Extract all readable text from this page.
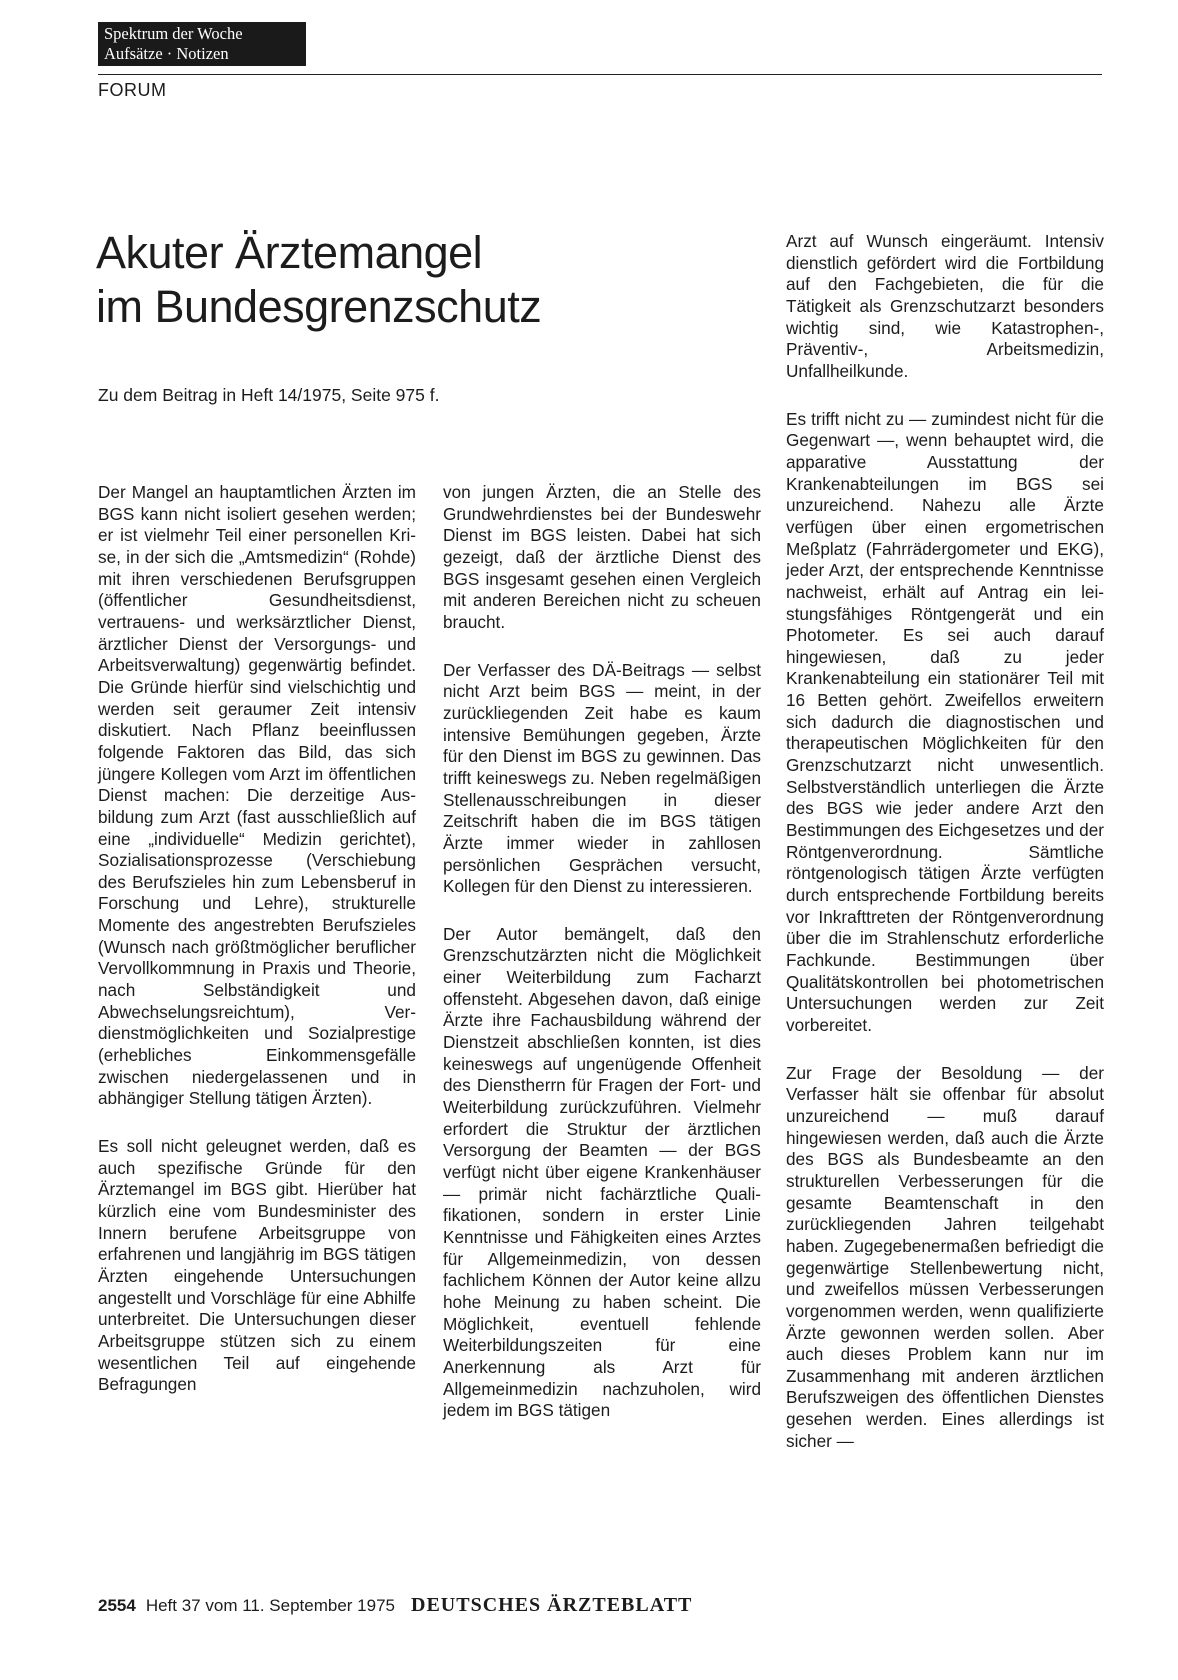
Spektrum der Woche
Aufsätze · Notizen
FORUM
Akuter Ärztemangel
im Bundesgrenzschutz
Zu dem Beitrag in Heft 14/1975, Seite 975 f.

Der Mangel an hauptamtlichen Ärzten im BGS kann nicht isoliert gesehen werden; er ist vielmehr Teil einer personellen Krise, in der sich die „Amtsmedizin“ (Rohde) mit ihren verschiedenen Berufsgruppen (öffentlicher Gesundheitsdienst, vertrauens- und werksärztlicher Dienst, ärztlicher Dienst der Versorgungs- und Arbeitsverwaltung) gegenwärtig befindet. Die Gründe hierfür sind vielschichtig und werden seit geraumer Zeit intensiv diskutiert. Nach Pflanz beeinflussen folgende Faktoren das Bild, das sich jüngere Kollegen vom Arzt im öffentlichen Dienst machen: Die derzeitige Ausbildung zum Arzt (fast ausschließlich auf eine „individuelle“ Medizin gerichtet), Sozialisationsprozesse (Verschiebung des Berufszieles hin zum Lebensberuf in Forschung und Lehre), strukturelle Momente des angestrebten Berufszieles (Wunsch nach größtmöglicher beruflicher Vervollkommnung in Praxis und Theorie, nach Selbständigkeit und Abwechselungsreichtum), Verdienstmöglichkeiten und Sozialprestige (erhebliches Einkommensgefälle zwischen niedergelassenen und in abhängiger Stellung tätigen Ärzten).

Es soll nicht geleugnet werden, daß es auch spezifische Gründe für den Ärztemangel im BGS gibt. Hierüber hat kürzlich eine vom Bundesminister des Innern berufene Arbeitsgruppe von erfahrenen und langjährig im BGS tätigen Ärzten eingehende Untersuchungen angestellt und Vorschläge für eine Abhilfe unterbreitet. Die Untersuchungen dieser Arbeitsgruppe stützen sich zu einem wesentlichen Teil auf eingehende Befragungen

von jungen Ärzten, die an Stelle des Grundwehrdienstes bei der Bundeswehr Dienst im BGS leisten. Dabei hat sich gezeigt, daß der ärztliche Dienst des BGS insgesamt gesehen einen Vergleich mit anderen Bereichen nicht zu scheuen braucht.

Der Verfasser des DÄ-Beitrags — selbst nicht Arzt beim BGS — meint, in der zurückliegenden Zeit habe es kaum intensive Bemühungen gegeben, Ärzte für den Dienst im BGS zu gewinnen. Das trifft keineswegs zu. Neben regelmäßigen Stellenausschreibungen in dieser Zeitschrift haben die im BGS tätigen Ärzte immer wieder in zahllosen persönlichen Gesprächen versucht, Kollegen für den Dienst zu interessieren.

Der Autor bemängelt, daß den Grenzschutzärzten nicht die Möglichkeit einer Weiterbildung zum Facharzt offensteht. Abgesehen davon, daß einige Ärzte ihre Fachausbildung während der Dienstzeit abschließen konnten, ist dies keineswegs auf ungenügende Offenheit des Dienstherrn für Fragen der Fort- und Weiterbildung zurückzuführen. Vielmehr erfordert die Struktur der ärztlichen Versorgung der Beamten — der BGS verfügt nicht über eigene Krankenhäuser — primär nicht fachärztliche Qualifikationen, sondern in erster Linie Kenntnisse und Fähigkeiten eines Arztes für Allgemeinmedizin, von dessen fachlichem Können der Autor keine allzu hohe Meinung zu haben scheint. Die Möglichkeit, eventuell fehlende Weiterbildungszeiten für eine Anerkennung als Arzt für Allgemeinmedizin nachzuholen, wird jedem im BGS tätigen

Arzt auf Wunsch eingeräumt. Intensiv dienstlich gefördert wird die Fortbildung auf den Fachgebieten, die für die Tätigkeit als Grenzschutzarzt besonders wichtig sind, wie Katastrophen-, Präventiv-, Arbeitsmedizin, Unfallheilkunde.

Es trifft nicht zu — zumindest nicht für die Gegenwart —, wenn behauptet wird, die apparative Ausstattung der Krankenabteilungen im BGS sei unzureichend. Nahezu alle Ärzte verfügen über einen ergometrischen Meßplatz (Fahrrädergometer und EKG), jeder Arzt, der entsprechende Kenntnisse nachweist, erhält auf Antrag ein leistungsfähiges Röntgengerät und ein Photometer. Es sei auch darauf hingewiesen, daß zu jeder Krankenabteilung ein stationärer Teil mit 16 Betten gehört. Zweifellos erweitern sich dadurch die diagnostischen und therapeutischen Möglichkeiten für den Grenzschutzarzt nicht unwesentlich. Selbstverständlich unterliegen die Ärzte des BGS wie jeder andere Arzt den Bestimmungen des Eichgesetzes und der Röntgenverordnung. Sämtliche röntgenologisch tätigen Ärzte verfügten durch entsprechende Fortbildung bereits vor Inkrafttreten der Röntgenverordnung über die im Strahlenschutz erforderliche Fachkunde. Bestimmungen über Qualitätskontrollen bei photometrischen Untersuchungen werden zur Zeit vorbereitet.

Zur Frage der Besoldung — der Verfasser hält sie offenbar für absolut unzureichend — muß darauf hingewiesen werden, daß auch die Ärzte des BGS als Bundesbeamte an den strukturellen Verbesserungen für die gesamte Beamtenschaft in den zurückliegenden Jahren teilgehabt haben. Zugegebenermaßen befriedigt die gegenwärtige Stellenbewertung nicht, und zweifellos müssen Verbesserungen vorgenommen werden, wenn qualifizierte Ärzte gewonnen werden sollen. Aber auch dieses Problem kann nur im Zusammenhang mit anderen ärztlichen Berufszweigen des öffentlichen Dienstes gesehen werden. Eines allerdings ist sicher —

2554 Heft 37 vom 11. September 1975 DEUTSCHES ÄRZTEBLATT
